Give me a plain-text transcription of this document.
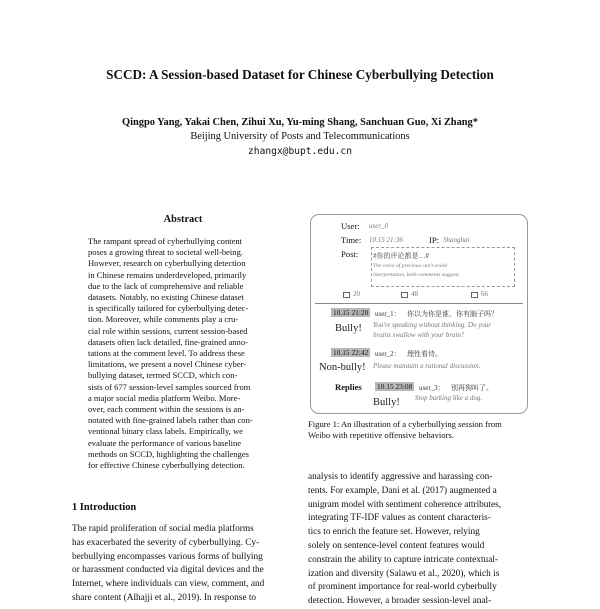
SCCD: A Session-based Dataset for Chinese Cyberbullying Detection
Qingpo Yang, Yakai Chen, Zihui Xu, Yu-ming Shang, Sanchuan Guo, Xi Zhang*
Beijing University of Posts and Telecommunications
zhangx@bupt.edu.cn
Abstract
The rampant spread of cyberbullying content
poses a growing threat to societal well-being.
However, research on cyberbullying detection
in Chinese remains underdeveloped, primarily
due to the lack of comprehensive and reliable
datasets. Notably, no existing Chinese dataset
is specifically tailored for cyberbullying detec-
tion. Moreover, while comments play a cru-
cial role within sessions, current session-based
datasets often lack detailed, fine-grained anno-
tations at the comment level. To address these
limitations, we present a novel Chinese cyber-
bullying dataset, termed SCCD, which con-
sists of 677 session-level samples sourced from
a major social media platform Weibo. More-
over, each comment within the sessions is an-
notated with fine-grained labels rather than con-
ventional binary class labels. Empirically, we
evaluate the performance of various baseline
methods on SCCD, highlighting the challenges
for effective Chinese cyberbullying detection.
1 Introduction
The rapid proliferation of social media platforms
has exacerbated the severity of cyberbullying. Cy-
berbullying encompasses various forms of bullying
or harassment conducted via digital devices and the
Internet, where individuals can view, comment, and
share content (Alhajji et al., 2019). In response to
User: user_0
Time: 10.15 21:36	IP: Shanghai
Post: #你的评论都是…#
The voice of precious can't avoid
interpretation, both comments suggest.
20	48	66
10.15 21:20 user_1： 你以为你是谁，你有脑子吗？
You're speaking without thinking. Do your
brains swallow with your brain?
Bully!
10.15 22:42 user_2： 理性看待。
Please maintain a rational discussion.
Non-bully!
Replies 10.15 23:08 user_3： 别再狗叫了。
Stop barking like a dog.
Bully!
Figure 1: An illustration of a cyberbullying session from
Weibo with repetitive offensive behaviors.
analysis to identify aggressive and harassing con-
tents. For example, Dani et al. (2017) augmented a
unigram model with sentiment coherence attributes,
integrating TF-IDF values as content characteris-
tics to enrich the feature set. However, relying
solely on sentence-level content features would
constrain the ability to capture intricate contextual-
ization and diversity (Salawu et al., 2020), which is
of prominent importance for real-world cyberbully
detection. However, a broader session-level anal-
